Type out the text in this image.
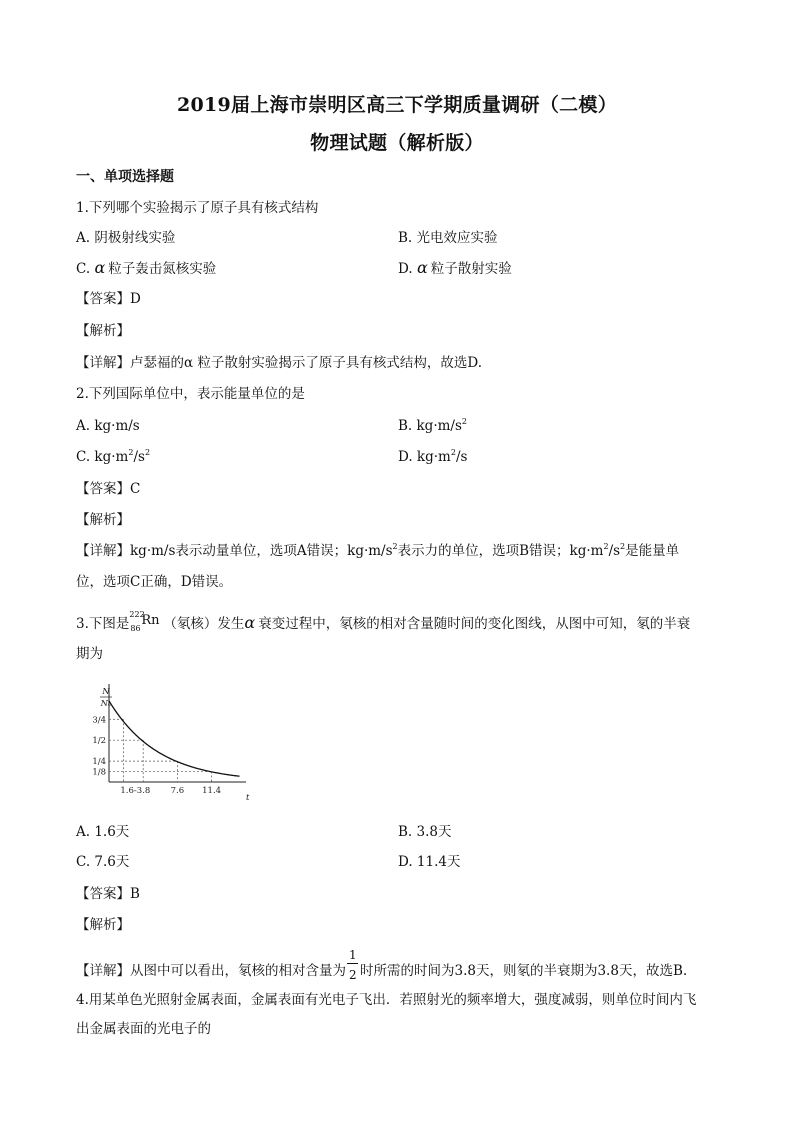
2019届上海市崇明区高三下学期质量调研（二模）
物理试题（解析版）
一、单项选择题
1.下列哪个实验揭示了原子具有核式结构
A. 阴极射线实验	B. 光电效应实验
C. α 粒子轰击氮核实验	D. α 粒子散射实验
【答案】D
【解析】
【详解】卢瑟福的α 粒子散射实验揭示了原子具有核式结构，故选D.
2.下列国际单位中，表示能量单位的是
A. kg·m/s	B. $kg\cdot m/s^2$
C. $kg\cdot m^2/s^2$	D. $kg\cdot m^2/s$
【答案】C
【解析】
【详解】kg·m/s表示动量单位，选项A错误；$kg\cdot m/s^2$表示力的单位，选项B错误；$kg\cdot m^2/s^2$是能量单
位，选项C正确，D错误。
3.下图是
222
86
Rn （氡核）发生α 衰变过程中，氡核的相对含量随时间的变化图线，从图中可知，氡的半衰
期为
3/4
1/2
1/4
1/8
1.6-3.8 7.6 11.4
t
N
N₀
A. 1.6天	B. 3.8天
C. 7.6天	D. 11.4天
【答案】B
【解析】
【详解】从图中可以看出，氡核的相对含量为 $\frac{1}{2}$ 时所需的时间为3.8天，则氡的半衰期为3.8天，故选B.
4.用某单色光照射金属表面，金属表面有光电子飞出．若照射光的频率增大，强度减弱，则单位时间内飞
出金属表面的光电子的
